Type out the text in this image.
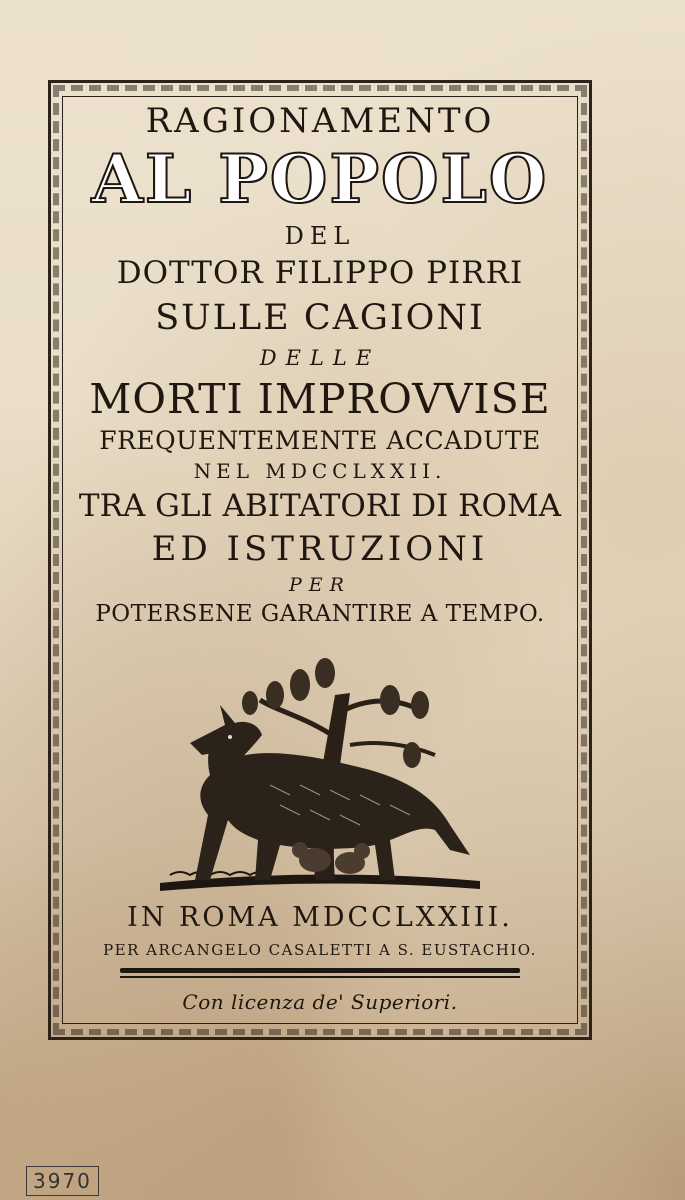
RAGIONAMENTO
AL POPOLO
DEL
DOTTOR FILIPPO PIRRI
SULLE CAGIONI
DELLE
MORTI IMPROVVISE
FREQUENTEMENTE ACCADUTE
NEL MDCCLXXII.
TRA GLI ABITATORI DI ROMA
ED ISTRUZIONI
PER
POTERSENE GARANTIRE A TEMPO.
IN ROMA MDCCLXXIII.
PER ARCANGELO CASALETTI A S. EUSTACHIO.
Con licenza de' Superiori.
3970
